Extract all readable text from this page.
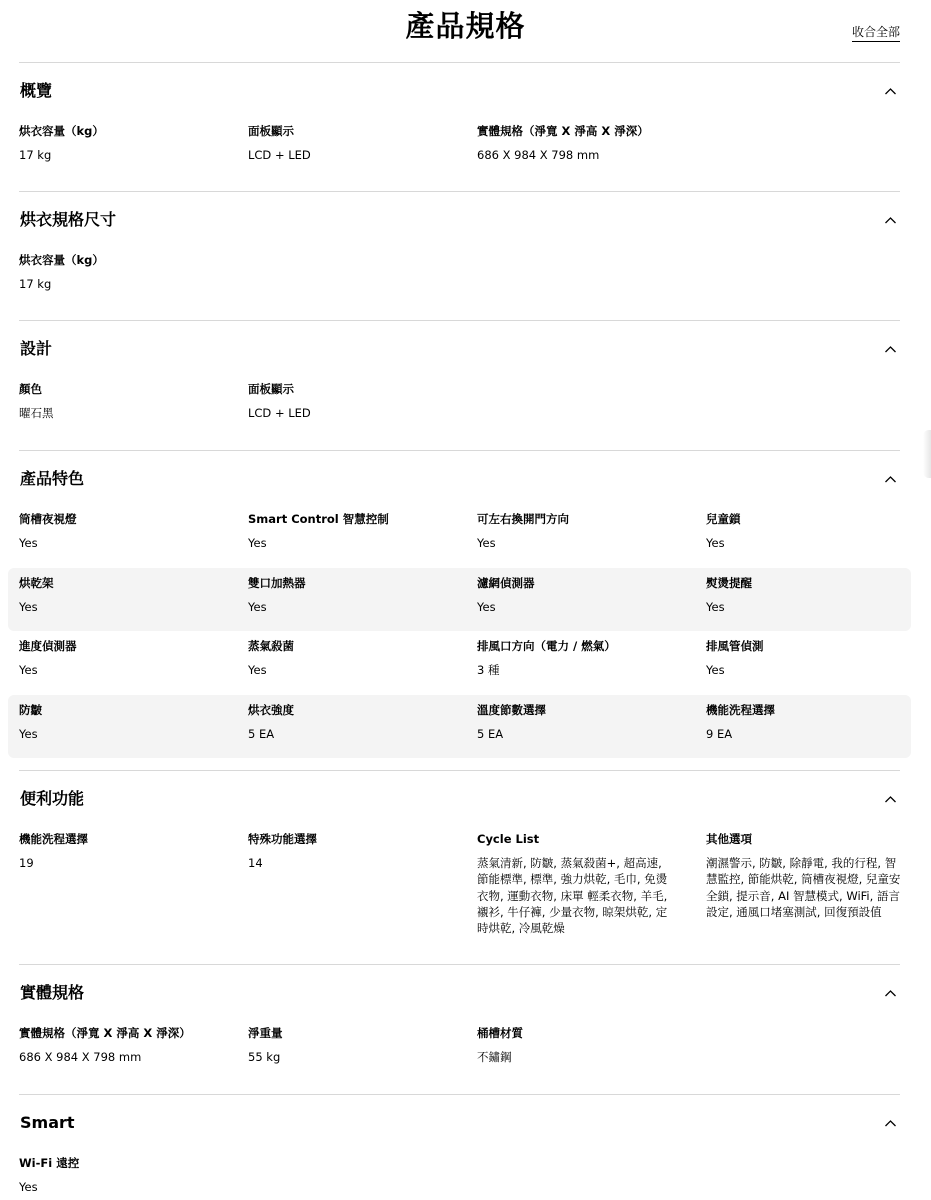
產品規格	收合全部
概覽
烘衣容量（kg）
17 kg
面板顯示
LCD + LED
實體規格（淨寬 X 淨高 X 淨深）
686 X 984 X 798 mm
烘衣規格尺寸
烘衣容量（kg）
17 kg
設計
顏色
曜石黑
面板顯示
LCD + LED
產品特色
筒槽夜視燈
Yes
Smart Control 智慧控制
Yes
可左右換開門方向
Yes
兒童鎖
Yes
烘乾架
Yes
雙口加熱器
Yes
濾網偵測器
Yes
熨燙提醒
Yes
進度偵測器
Yes
蒸氣殺菌
Yes
排風口方向（電力 / 燃氣）
3 種
排風管偵測
Yes
防皺
Yes
烘衣強度
5 EA
溫度節數選擇
5 EA
機能洗程選擇
9 EA
便利功能
機能洗程選擇
19
特殊功能選擇
14
Cycle List
蒸氣清新, 防皺, 蒸氣殺菌+, 超高速, 節能標準, 標準, 強力烘乾, 毛巾, 免燙衣物, 運動衣物, 床單 輕柔衣物, 羊毛, 襯衫, 牛仔褲, 少量衣物, 晾架烘乾, 定時烘乾, 冷風乾燥
其他選項
潮濕警示, 防皺, 除靜電, 我的行程, 智慧監控, 節能烘乾, 筒槽夜視燈, 兒童安全鎖, 提示音, AI 智慧模式, WiFi, 語言設定, 通風口堵塞測試, 回復預設值
實體規格
實體規格（淨寬 X 淨高 X 淨深）
686 X 984 X 798 mm
淨重量
55 kg
桶槽材質
不鏽鋼
Smart
Wi-Fi 遠控
Yes
